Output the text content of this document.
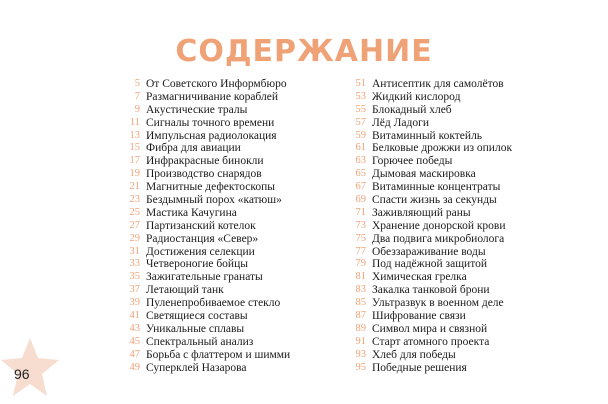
СОДЕРЖАНИЕ
5 От Советского Информбюро
7 Размагничивание кораблей
9 Акустические тралы
11 Сигналы точного времени
13 Импульсная радиолокация
15 Фибра для авиации
17 Инфракрасные бинокли
19 Производство снарядов
21 Магнитные дефектоскопы
23 Бездымный порох «катюш»
25 Мастика Качугина
27 Партизанский котелок
29 Радиостанция «Север»
31 Достижения селекции
33 Четвероногие бойцы
35 Зажигательные гранаты
37 Летающий танк
39 Пуленепробиваемое стекло
41 Светящиеся составы
43 Уникальные сплавы
45 Спектральный анализ
47 Борьба с флаттером и шимми
49 Суперклей Назарова
51 Антисептик для самолётов
53 Жидкий кислород
55 Блокадный хлеб
57 Лёд Ладоги
59 Витаминный коктейль
61 Белковые дрожжи из опилок
63 Горючее победы
65 Дымовая маскировка
67 Витаминные концентраты
69 Спасти жизнь за секунды
71 Заживляющий раны
73 Хранение донорской крови
75 Два подвига микробиолога
77 Обеззараживание воды
79 Под надёжной защитой
81 Химическая грелка
83 Закалка танковой брони
85 Ультразвук в военном деле
87 Шифрование связи
89 Символ мира и связной
91 Старт атомного проекта
93 Хлеб для победы
95 Победные решения
96
